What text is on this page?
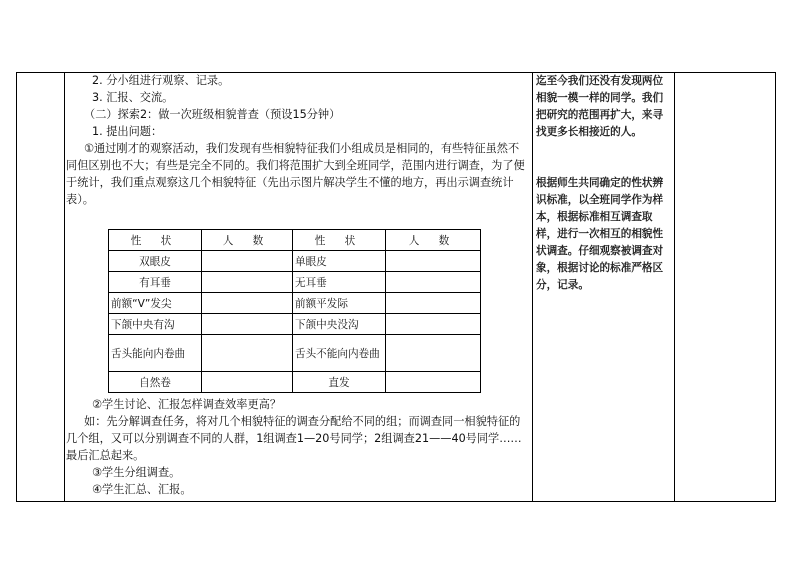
2. 分小组进行观察、记录。

3. 汇报、交流。

（二）探索2：做一次班级相貌普查（预设15分钟）

1. 提出问题：

①通过刚才的观察活动，我们发现有些相貌特征我们小组成员是相同的，有些特征虽然不同但区别也不大；有些是完全不同的。我们将范围扩大到全班同学，范围内进行调查，为了便于统计，我们重点观察这几个相貌特征（先出示图片解决学生不懂的地方，再出示调查统计表）。

性 状	人 数	性 状	人 数
双眼皮		单眼皮	
有耳垂		无耳垂	
前额“V”发尖		前额平发际	
下颌中央有沟		下颌中央没沟	
舌头能向内卷曲		舌头不能向内卷曲	
自然卷		直发	

②学生讨论、汇报怎样调查效率更高？

如：先分解调查任务，将对几个相貌特征的调查分配给不同的组；而调查同一相貌特征的几个组，又可以分别调查不同的人群，1组调查1—20号同学；2组调查21——40号同学……最后汇总起来。

③学生分组调查。

④学生汇总、汇报。

迄至今我们还没有发现两位相貌一模一样的同学。我们把研究的范围再扩大，来寻找更多长相接近的人。

根据师生共同确定的性状辨识标准，以全班同学作为样本，根据标准相互调查取样，进行一次相互的相貌性状调查。仔细观察被调查对象，根据讨论的标准严格区分，记录。
